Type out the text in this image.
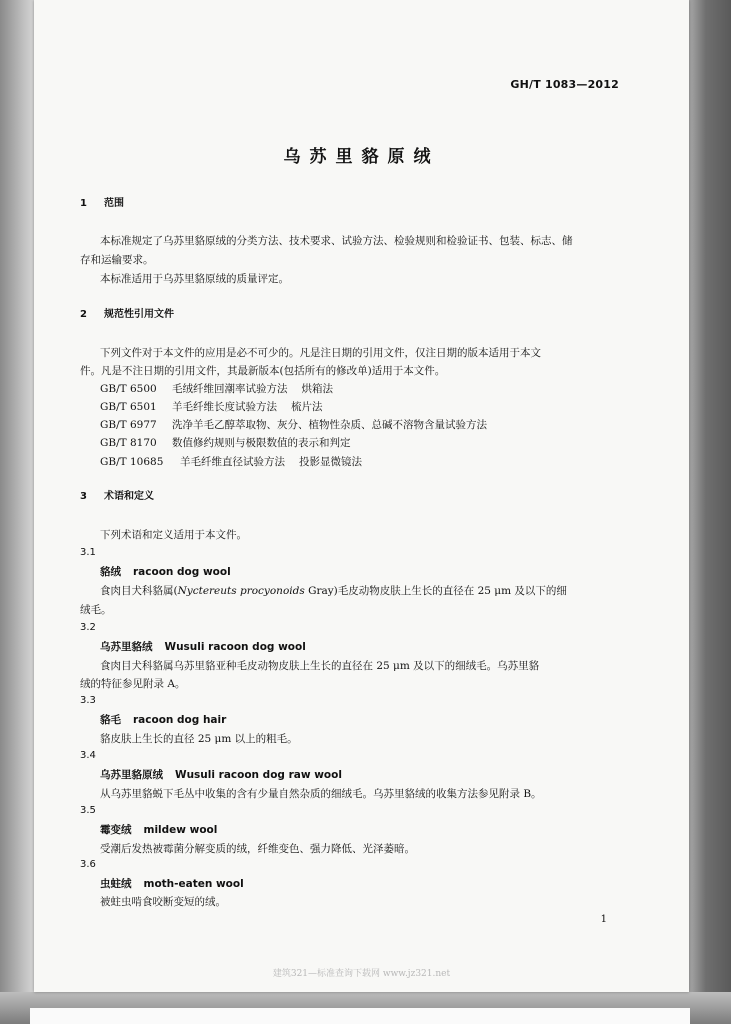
GH/T 1083—2012
乌苏里貉原绒
1 范围
本标准规定了乌苏里貉原绒的分类方法、技术要求、试验方法、检验规则和检验证书、包装、标志、储
存和运输要求。
本标准适用于乌苏里貉原绒的质量评定。
2 规范性引用文件
下列文件对于本文件的应用是必不可少的。凡是注日期的引用文件，仅注日期的版本适用于本文
件。凡是不注日期的引用文件，其最新版本(包括所有的修改单)适用于本文件。
GB/T 6500 毛绒纤维回潮率试验方法 烘箱法
GB/T 6501 羊毛纤维长度试验方法 梳片法
GB/T 6977 洗净羊毛乙醇萃取物、灰分、植物性杂质、总碱不溶物含量试验方法
GB/T 8170 数值修约规则与极限数值的表示和判定
GB/T 10685 羊毛纤维直径试验方法 投影显微镜法
3 术语和定义
下列术语和定义适用于本文件。
3.1
貉绒 racoon dog wool
食肉目犬科貉属(Nyctereuts procyonoids Gray)毛皮动物皮肤上生长的直径在 25 μm 及以下的细
绒毛。
3.2
乌苏里貉绒 Wusuli racoon dog wool
食肉目犬科貉属乌苏里貉亚种毛皮动物皮肤上生长的直径在 25 μm 及以下的细绒毛。乌苏里貉
绒的特征参见附录 A。
3.3
貉毛 racoon dog hair
貉皮肤上生长的直径 25 μm 以上的粗毛。
3.4
乌苏里貉原绒 Wusuli racoon dog raw wool
从乌苏里貉蜕下毛丛中收集的含有少量自然杂质的细绒毛。乌苏里貉绒的收集方法参见附录 B。
3.5
霉变绒 mildew wool
受潮后发热被霉菌分解变质的绒，纤维变色、强力降低、光泽萎暗。
3.6
虫蛀绒 moth-eaten wool
被蛀虫啃食咬断变短的绒。
1
建筑321—标准查询下载网 www.jz321.net
